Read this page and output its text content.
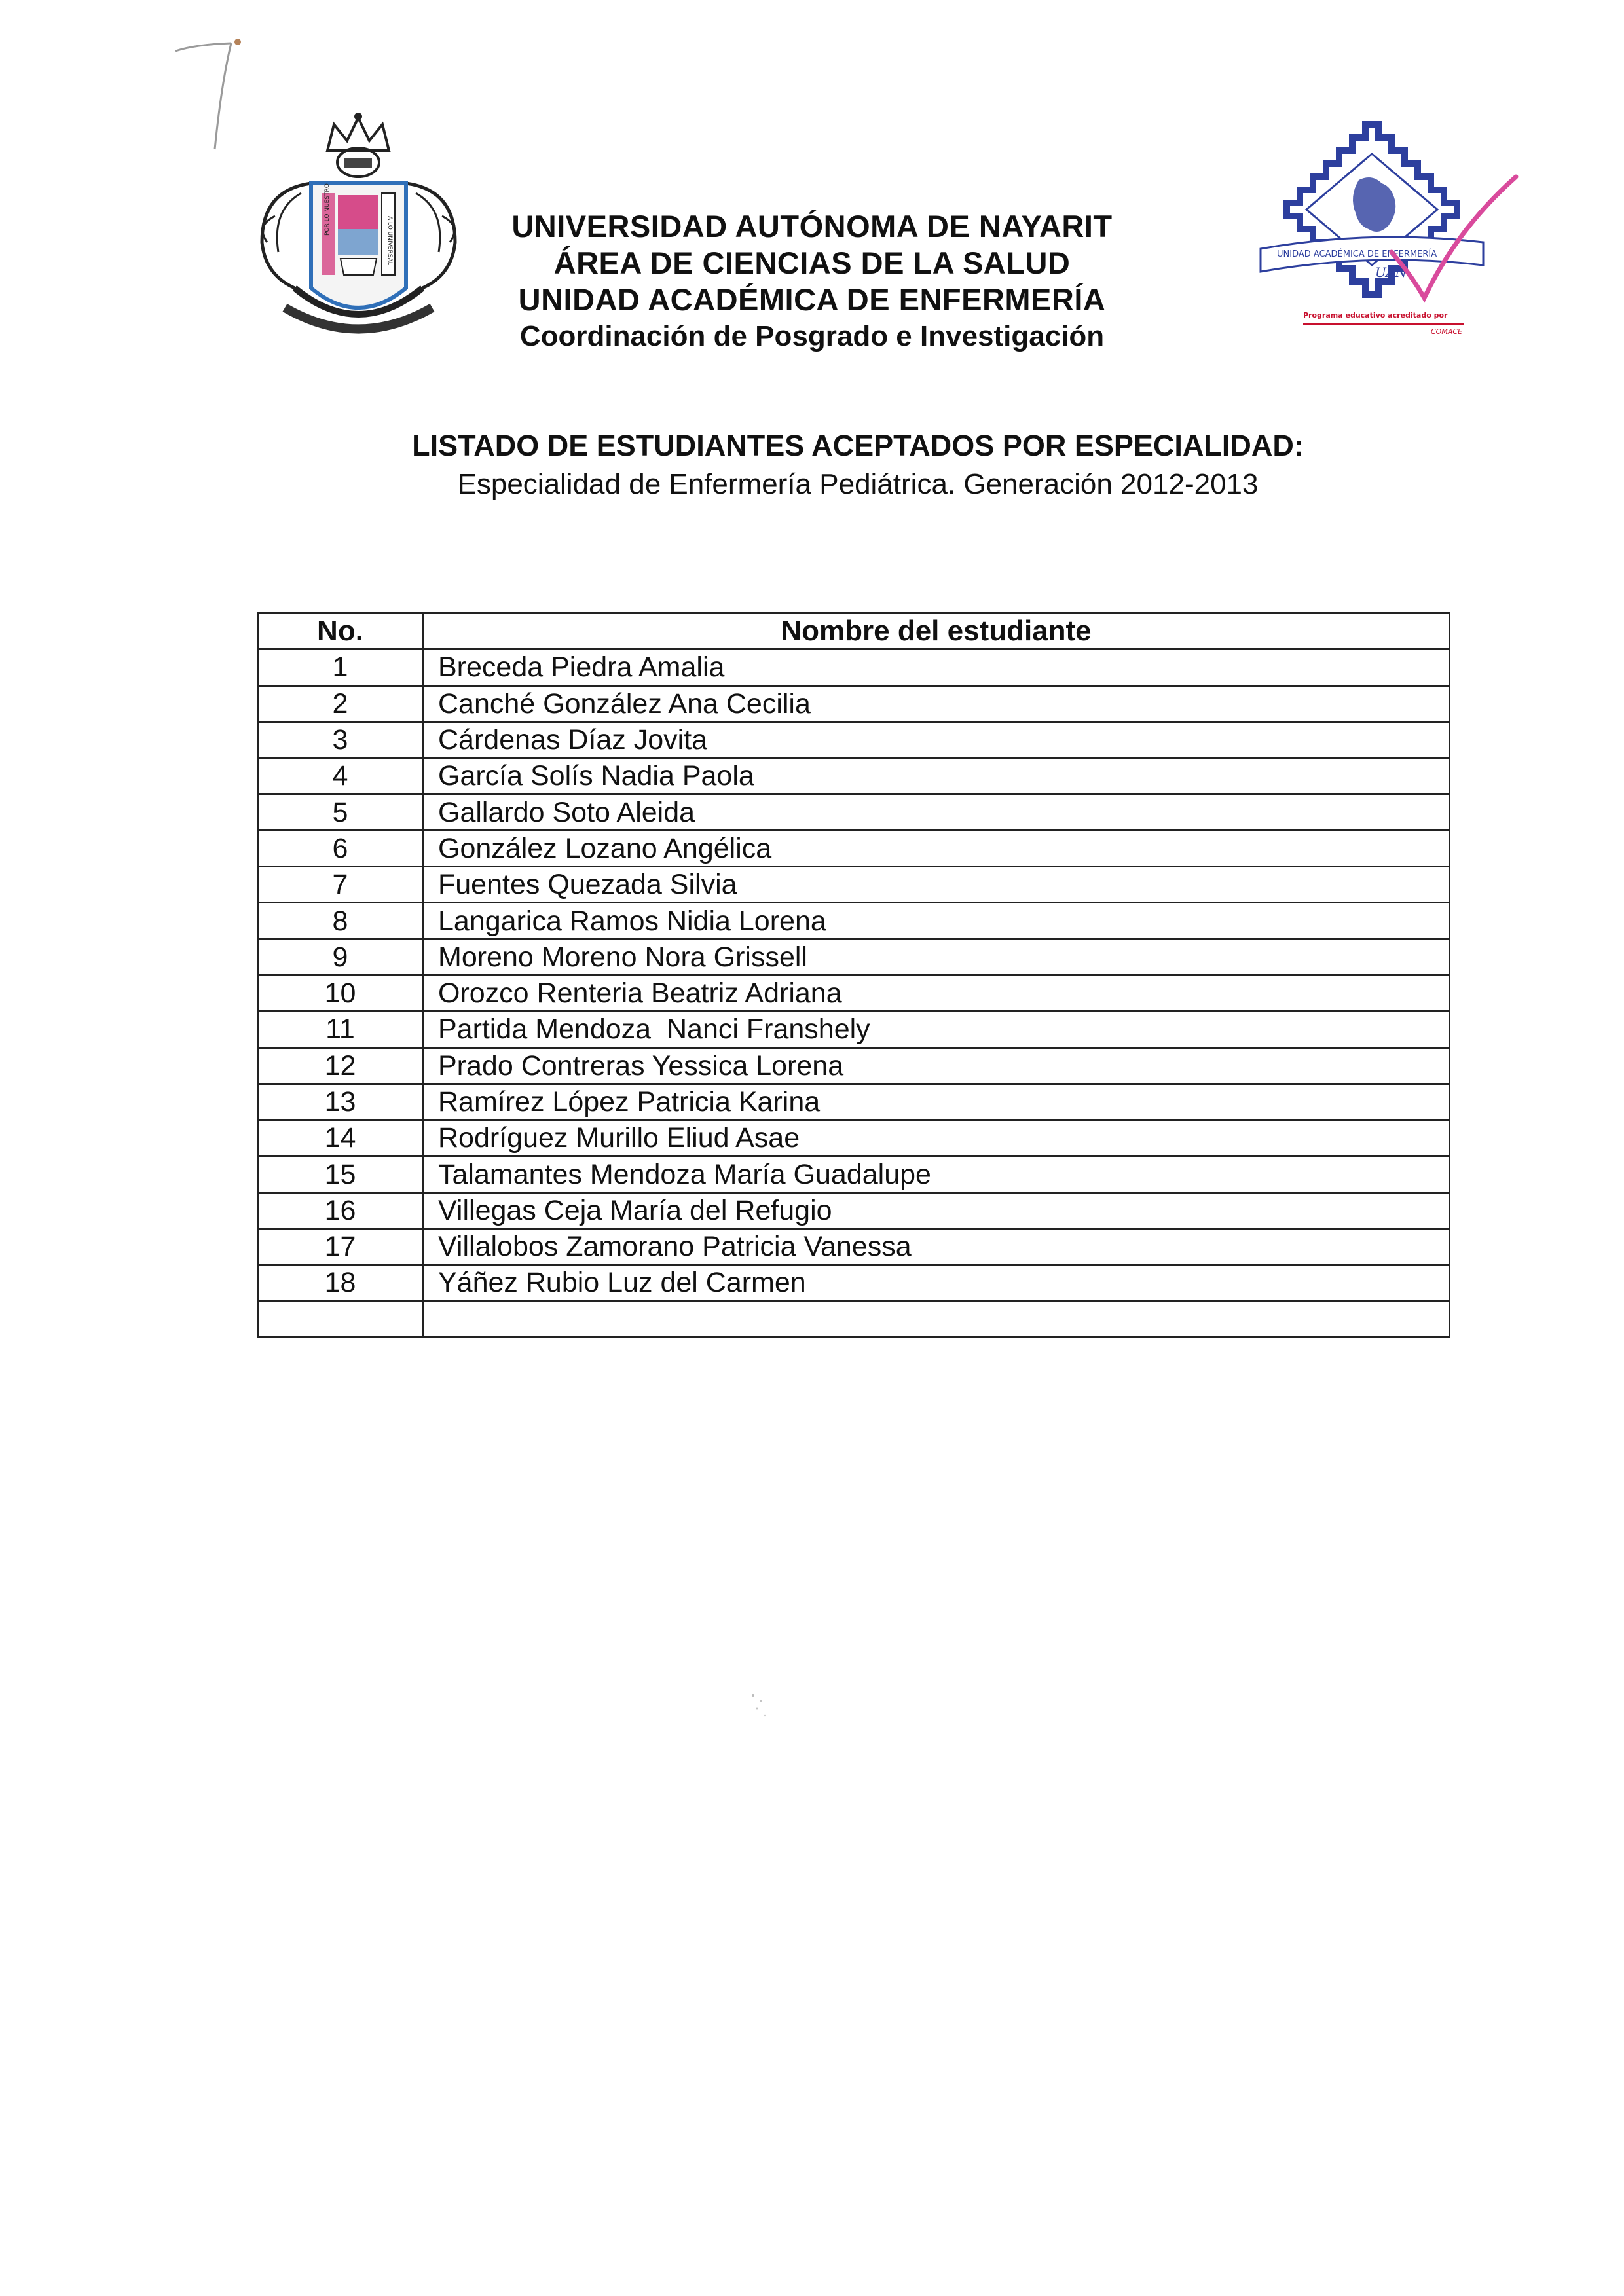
POR LO NUESTRO
A LO UNIVERSAL	UNIDAD ACADÉMICA DE ENFERMERÍA
UAN
Programa educativo acreditado por
COMACE
UNIVERSIDAD AUTÓNOMA DE NAYARIT
ÁREA DE CIENCIAS DE LA SALUD
UNIDAD ACADÉMICA DE ENFERMERÍA
Coordinación de Posgrado e Investigación
LISTADO DE ESTUDIANTES ACEPTADOS POR ESPECIALIDAD:
Especialidad de Enfermería Pediátrica. Generación 2012-2013
No.	Nombre del estudiante
1	Breceda Piedra Amalia
2	Canché González Ana Cecilia
3	Cárdenas Díaz Jovita
4	García Solís Nadia Paola
5	Gallardo Soto Aleida
6	González Lozano Angélica
7	Fuentes Quezada Silvia
8	Langarica Ramos Nidia Lorena
9	Moreno Moreno Nora Grissell
10	Orozco Renteria Beatriz Adriana
11	Partida Mendoza  Nanci Franshely
12	Prado Contreras Yessica Lorena
13	Ramírez López Patricia Karina
14	Rodríguez Murillo Eliud Asae
15	Talamantes Mendoza María Guadalupe
16	Villegas Ceja María del Refugio
17	Villalobos Zamorano Patricia Vanessa
18	Yáñez Rubio Luz del Carmen
